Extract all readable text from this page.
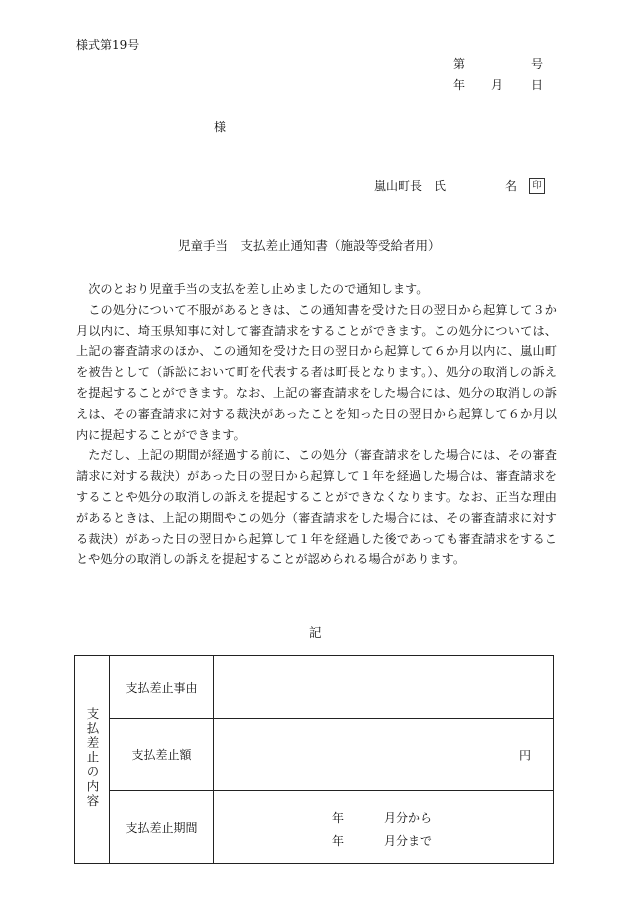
様式第19号
第	号
年 月 日
様
嵐山町長　氏	名	印
児童手当　支払差止通知書（施設等受給者用）

次のとおり児童手当の支払を差し止めましたので通知します。

この処分について不服があるときは、この通知書を受けた日の翌日から起算して３か月以内に、埼玉県知事に対して審査請求をすることができます。この処分については、上記の審査請求のほか、この通知を受けた日の翌日から起算して６か月以内に、嵐山町を被告として（訴訟において町を代表する者は町長となります。）、処分の取消しの訴えを提起することができます。なお、上記の審査請求をした場合には、処分の取消しの訴えは、その審査請求に対する裁決があったことを知った日の翌日から起算して６か月以内に提起することができます。

ただし、上記の期間が経過する前に、この処分（審査請求をした場合には、その審査請求に対する裁決）があった日の翌日から起算して１年を経過した場合は、審査請求をすることや処分の取消しの訴えを提起することができなくなります。なお、正当な理由があるときは、上記の期間やこの処分（審査請求をした場合には、その審査請求に対する裁決）があった日の翌日から起算して１年を経過した後であっても審査請求をすることや処分の取消しの訴えを提起することが認められる場合があります。

記
支払差止の内容	支払差止事由	
	支払差止額	円

	支払差止期間	年 月分から
年 月分まで
